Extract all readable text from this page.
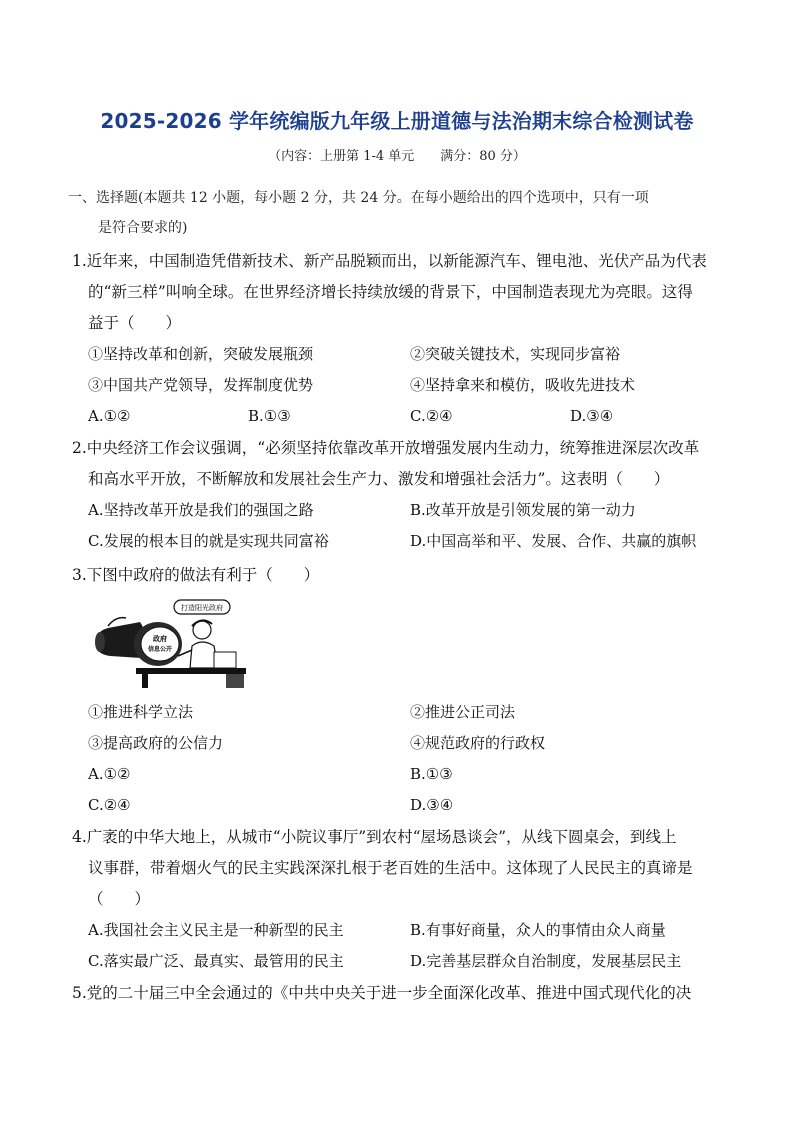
2025-2026 学年统编版九年级上册道德与法治期末综合检测试卷
（内容：上册第 1-4 单元　　满分：80 分）
一、选择题(本题共 12 小题，每小题 2 分，共 24 分。在每小题给出的四个选项中，只有一项
是符合要求的)
1.近年来，中国制造凭借新技术、新产品脱颖而出，以新能源汽车、锂电池、光伏产品为代表
的“新三样”叫响全球。在世界经济增长持续放缓的背景下，中国制造表现尤为亮眼。这得
益于（　　）
①坚持改革和创新，突破发展瓶颈	②突破关键技术，实现同步富裕
③中国共产党领导，发挥制度优势	④坚持拿来和模仿，吸收先进技术
A.①②	B.①③	C.②④	D.③④
2.中央经济工作会议强调，“必须坚持依靠改革开放增强发展内生动力，统筹推进深层次改革
和高水平开放，不断解放和发展社会生产力、激发和增强社会活力”。这表明（　　）
A.坚持改革开放是我们的强国之路	B.改革开放是引领发展的第一动力
C.发展的根本目的就是实现共同富裕	D.中国高举和平、发展、合作、共赢的旗帜
3.下图中政府的做法有利于（　　）
打造阳光政府
政府
信息公开
①推进科学立法	②推进公正司法
③提高政府的公信力	④规范政府的行政权
A.①②	B.①③
C.②④	D.③④
4.广袤的中华大地上，从城市“小院议事厅”到农村“屋场恳谈会”，从线下圆桌会，到线上
议事群，带着烟火气的民主实践深深扎根于老百姓的生活中。这体现了人民民主的真谛是
（　　）
A.我国社会主义民主是一种新型的民主	B.有事好商量，众人的事情由众人商量
C.落实最广泛、最真实、最管用的民主	D.完善基层群众自治制度，发展基层民主
5.党的二十届三中全会通过的《中共中央关于进一步全面深化改革、推进中国式现代化的决
